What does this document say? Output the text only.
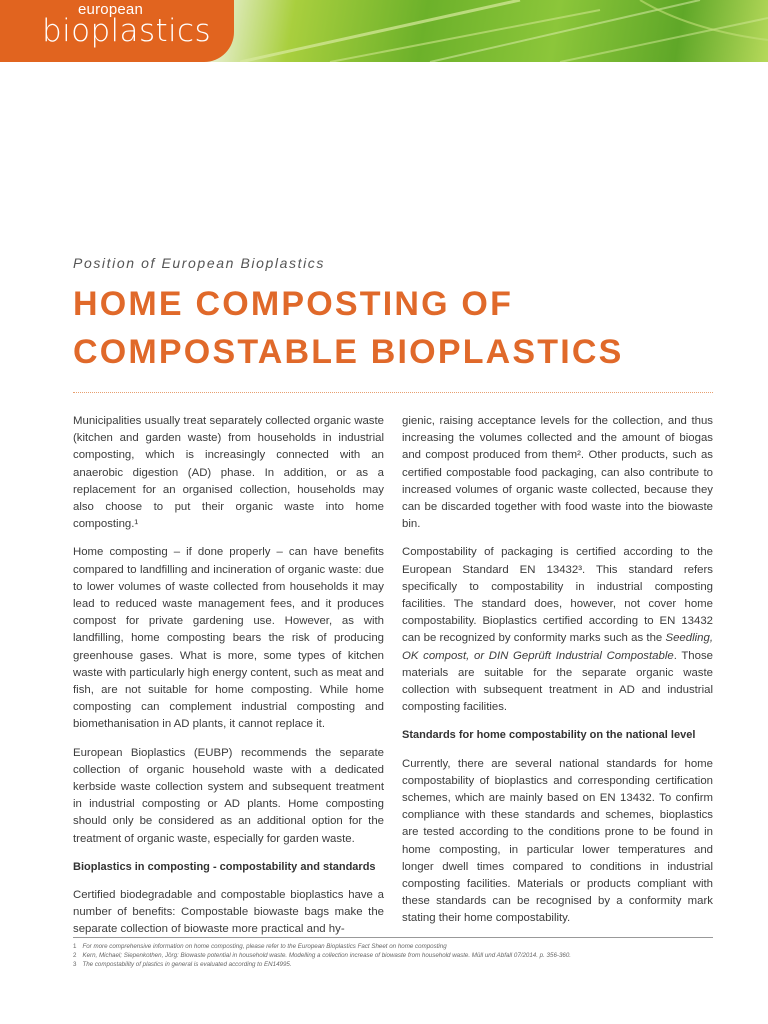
european
bioplastics
Position of European Bioplastics
HOME COMPOSTING OF
COMPOSTABLE BIOPLASTICS

Municipalities usually treat separately collected organic waste (kitchen and garden waste) from households in industrial composting, which is increasingly connected with an anaerobic digestion (AD) phase. In addition, or as a replacement for an organised collection, households may also choose to put their organic waste into home composting.¹

Home composting – if done properly – can have benefits compared to landfilling and incineration of organic waste: due to lower volumes of waste collected from households it may lead to reduced waste management fees, and it produces compost for private gardening use. However, as with landfilling, home composting bears the risk of producing greenhouse gases. What is more, some types of kitchen waste with particularly high energy content, such as meat and fish, are not suitable for home composting. While home composting can complement industrial composting and biomethanisation in AD plants, it cannot replace it.

European Bioplastics (EUBP) recommends the separate collection of organic household waste with a dedicated kerbside waste collection system and subsequent treatment in industrial composting or AD plants. Home composting should only be considered as an additional option for the treatment of organic waste, especially for garden waste.

Bioplastics in composting - compostability and standards

Certified biodegradable and compostable bioplastics have a number of benefits: Compostable biowaste bags make the separate collection of biowaste more practical and hy-

gienic, raising acceptance levels for the collection, and thus increasing the volumes collected and the amount of biogas and compost produced from them². Other products, such as certified compostable food packaging, can also contribute to increased volumes of organic waste collected, because they can be discarded together with food waste into the biowaste bin.

Compostability of packaging is certified according to the European Standard EN 13432³. This standard refers specifically to compostability in industrial composting facilities. The standard does, however, not cover home compostability. Bioplastics certified according to EN 13432 can be recognized by conformity marks such as the Seedling, OK compost, or DIN Geprüft Industrial Compostable. Those materials are suitable for the separate organic waste collection with subsequent treatment in AD and industrial composting facilities.

Standards for home compostability on the national level

Currently, there are several national standards for home compostability of bioplastics and corresponding certification schemes, which are mainly based on EN 13432. To confirm compliance with these standards and schemes, bioplastics are tested according to the conditions prone to be found in home composting, in particular lower temperatures and longer dwell times compared to conditions in industrial composting facilities. Materials or products compliant with these standards can be recognised by a conformity mark stating their home compostability.

1 For more comprehensive information on home composting, please refer to the European Bioplastics Fact Sheet on home composting
2 Kern, Michael; Siepenkothen, Jörg: Biowaste potential in household waste. Modelling a collection increase of biowaste from household waste. Müll und Abfall 07/2014. p. 356-360.
3 The compostability of plastics in general is evaluated according to EN14995.
